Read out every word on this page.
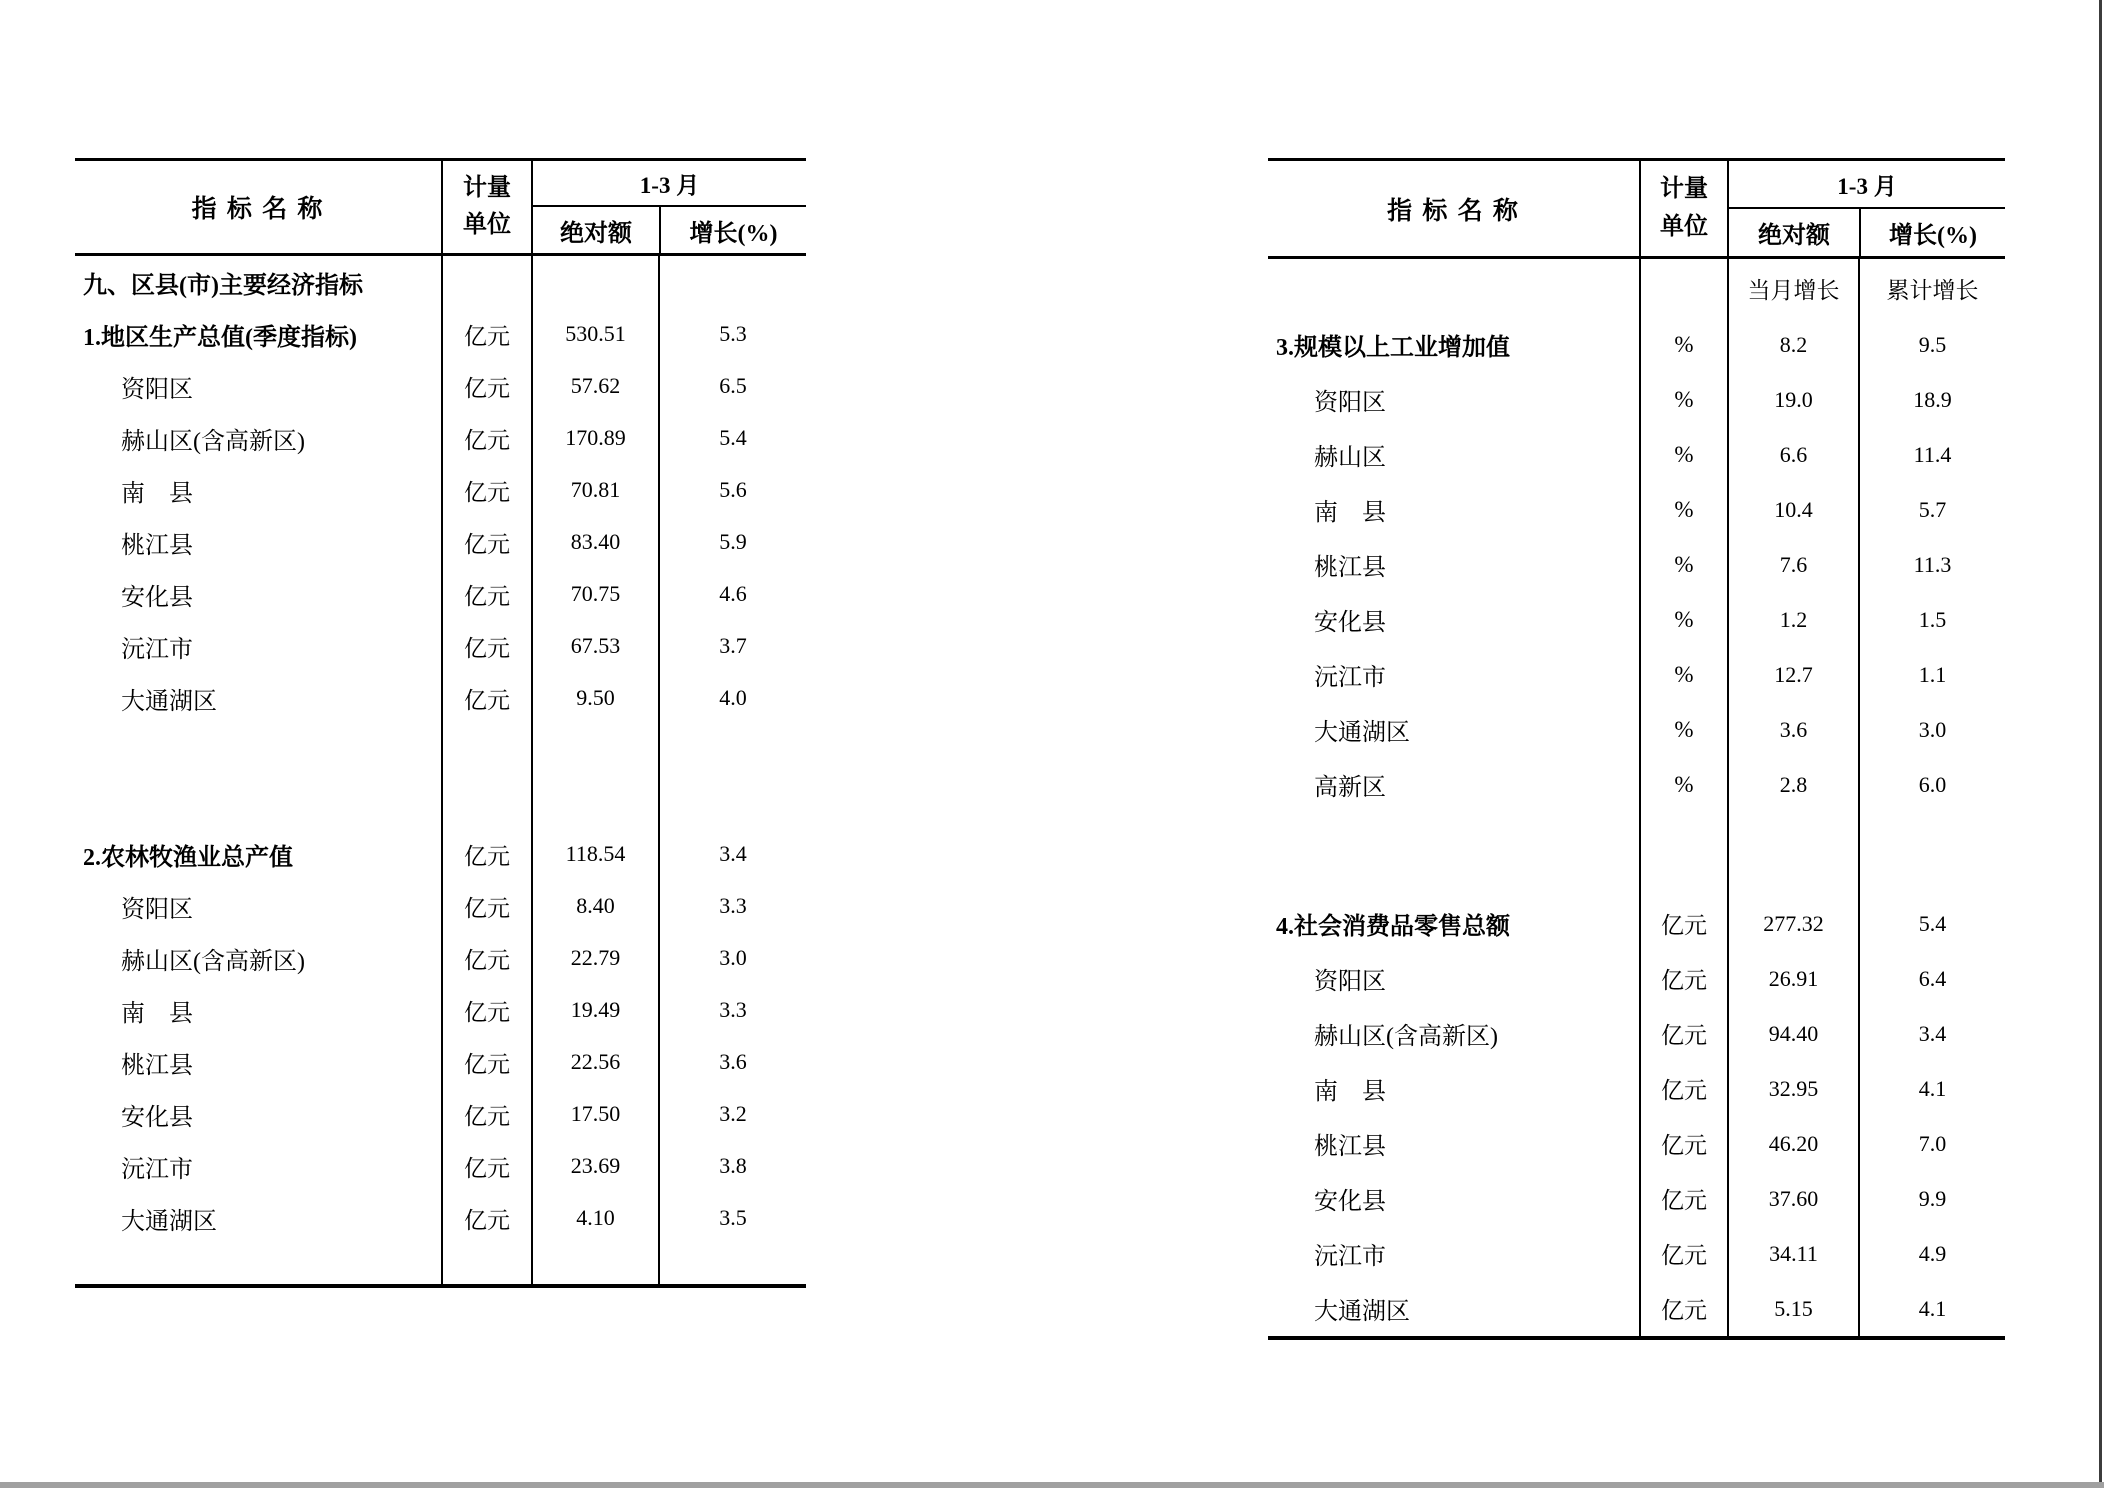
指 标 名 称
计量
单位
1-3 月
绝对额	增长(%)
九、区县(市)主要经济指标
1.地区生产总值(季度指标)	亿元	530.51	5.3
资阳区	亿元	57.62	6.5
赫山区(含高新区)	亿元	170.89	5.4
南　县	亿元	70.81	5.6
桃江县	亿元	83.40	5.9
安化县	亿元	70.75	4.6
沅江市	亿元	67.53	3.7
大通湖区	亿元	9.50	4.0
2.农林牧渔业总产值	亿元	118.54	3.4
资阳区	亿元	8.40	3.3
赫山区(含高新区)	亿元	22.79	3.0
南　县	亿元	19.49	3.3
桃江县	亿元	22.56	3.6
安化县	亿元	17.50	3.2
沅江市	亿元	23.69	3.8
大通湖区	亿元	4.10	3.5
指 标 名 称
计量
单位
1-3 月
绝对额	增长(%)
当月增长	累计增长
3.规模以上工业增加值	%	8.2	9.5
资阳区	%	19.0	18.9
赫山区	%	6.6	11.4
南　县	%	10.4	5.7
桃江县	%	7.6	11.3
安化县	%	1.2	1.5
沅江市	%	12.7	1.1
大通湖区	%	3.6	3.0
高新区	%	2.8	6.0
4.社会消费品零售总额	亿元	277.32	5.4
资阳区	亿元	26.91	6.4
赫山区(含高新区)	亿元	94.40	3.4
南　县	亿元	32.95	4.1
桃江县	亿元	46.20	7.0
安化县	亿元	37.60	9.9
沅江市	亿元	34.11	4.9
大通湖区	亿元	5.15	4.1
